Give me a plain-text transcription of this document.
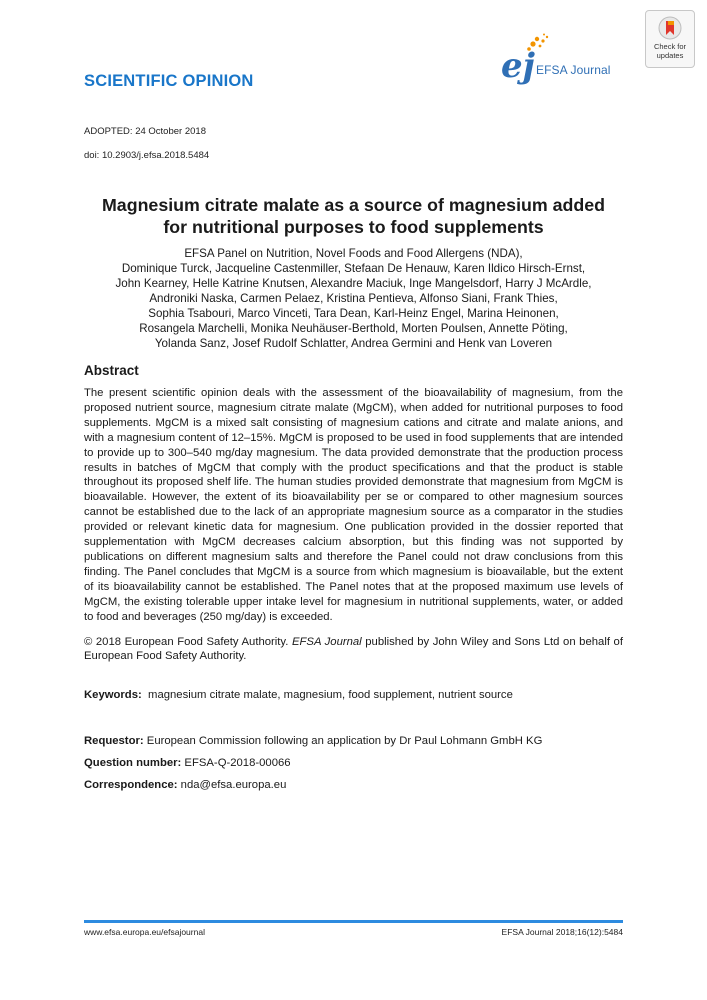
SCIENTIFIC OPINION	ej EFSA Journal
Check for
updates
ADOPTED: 24 October 2018
doi: 10.2903/j.efsa.2018.5484
Magnesium citrate malate as a source of magnesium added
for nutritional purposes to food supplements
EFSA Panel on Nutrition, Novel Foods and Food Allergens (NDA),
Dominique Turck, Jacqueline Castenmiller, Stefaan De Henauw, Karen Ildico Hirsch-Ernst,
John Kearney, Helle Katrine Knutsen, Alexandre Maciuk, Inge Mangelsdorf, Harry J McArdle,
Androniki Naska, Carmen Pelaez, Kristina Pentieva, Alfonso Siani, Frank Thies,
Sophia Tsabouri, Marco Vinceti, Tara Dean, Karl-Heinz Engel, Marina Heinonen,
Rosangela Marchelli, Monika Neuhäuser-Berthold, Morten Poulsen, Annette Pöting,
Yolanda Sanz, Josef Rudolf Schlatter, Andrea Germini and Henk van Loveren
Abstract

The present scientific opinion deals with the assessment of the bioavailability of magnesium, from the proposed nutrient source, magnesium citrate malate (MgCM), when added for nutritional purposes to food supplements. MgCM is a mixed salt consisting of magnesium cations and citrate and malate anions, and with a magnesium content of 12–15%. MgCM is proposed to be used in food supplements that are intended to provide up to 300–540 mg/day magnesium. The data provided demonstrate that the production process results in batches of MgCM that comply with the product specifications and that the product is stable throughout its proposed shelf life. The human studies provided demonstrate that magnesium from MgCM is bioavailable. However, the extent of its bioavailability per se or compared to other magnesium sources cannot be established due to the lack of an appropriate magnesium source as a comparator in the studies provided or relevant kinetic data for magnesium. One publication provided in the dossier reported that supplementation with MgCM decreases calcium absorption, but this finding was not supported by publications on different magnesium salts and therefore the Panel could not draw conclusions from this finding. The Panel concludes that MgCM is a source from which magnesium is bioavailable, but the extent of its bioavailability cannot be established. The Panel notes that at the proposed maximum use levels of MgCM, the existing tolerable upper intake level for magnesium in nutritional supplements, water, or added to food and beverages (250 mg/day) is exceeded.

© 2018 European Food Safety Authority. EFSA Journal published by John Wiley and Sons Ltd on behalf of European Food Safety Authority.

Keywords: magnesium citrate malate, magnesium, food supplement, nutrient source
Requestor: European Commission following an application by Dr Paul Lohmann GmbH KG
Question number: EFSA-Q-2018-00066
Correspondence: nda@efsa.europa.eu
www.efsa.europa.eu/efsajournal	EFSA Journal 2018;16(12):5484
